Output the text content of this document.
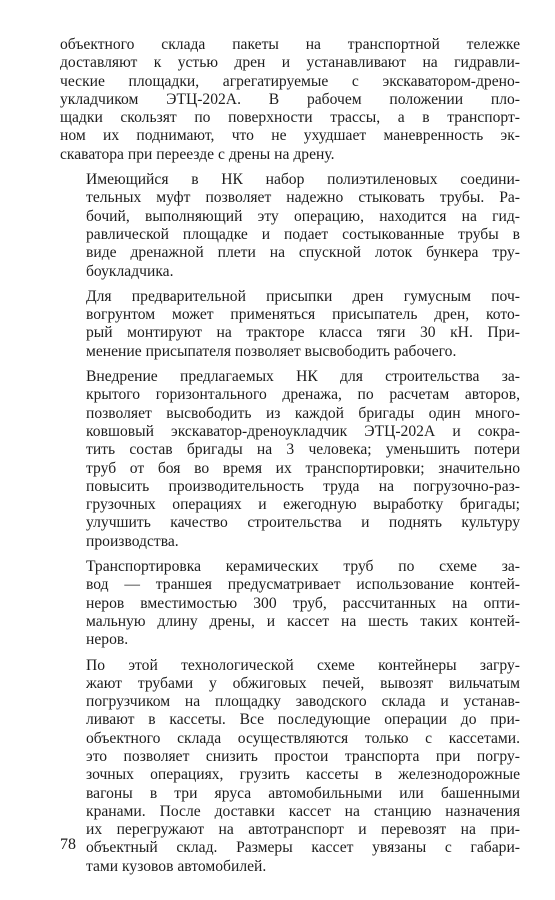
объектного склада пакеты на транспортной тележке
доставляют к устью дрен и устанавливают на гидравли-
ческие площадки, агрегатируемые с экскаватором-дрено-
укладчиком ЭТЦ-202А. В рабочем положении пло-
щадки скользят по поверхности трассы, а в транспорт-
ном их поднимают, что не ухудшает маневренность эк-
скаватора при переезде с дрены на дрену.

Имеющийся в НК набор полиэтиленовых соедини-
тельных муфт позволяет надежно стыковать трубы. Ра-
бочий, выполняющий эту операцию, находится на гид-
равлической площадке и подает состыкованные трубы в
виде дренажной плети на спускной лоток бункера тру-
боукладчика.

Для предварительной присыпки дрен гумусным поч-
вогрунтом может применяться присыпатель дрен, кото-
рый монтируют на тракторе класса тяги 30 кН. При-
менение присыпателя позволяет высвободить рабочего.

Внедрение предлагаемых НК для строительства за-
крытого горизонтального дренажа, по расчетам авторов,
позволяет высвободить из каждой бригады один много-
ковшовый экскаватор-дреноукладчик ЭТЦ-202А и сокра-
тить состав бригады на 3 человека; уменьшить потери
труб от боя во время их транспортировки; значительно
повысить производительность труда на погрузочно-раз-
грузочных операциях и ежегодную выработку бригады;
улучшить качество строительства и поднять культуру
производства.

Транспортировка керамических труб по схеме за-
вод — траншея предусматривает использование контей-
неров вместимостью 300 труб, рассчитанных на опти-
мальную длину дрены, и кассет на шесть таких контей-
неров.

По этой технологической схеме контейнеры загру-
жают трубами у обжиговых печей, вывозят вильчатым
погрузчиком на площадку заводского склада и устанав-
ливают в кассеты. Все последующие операции до при-
объектного склада осуществляются только с кассетами.
это позволяет снизить простои транспорта при погру-
зочных операциях, грузить кассеты в железнодорожные
вагоны в три яруса автомобильными или башенными
кранами. После доставки кассет на станцию назначения
их перегружают на автотранспорт и перевозят на при-
объектный склад. Размеры кассет увязаны с габари-
тами кузовов автомобилей.

78
